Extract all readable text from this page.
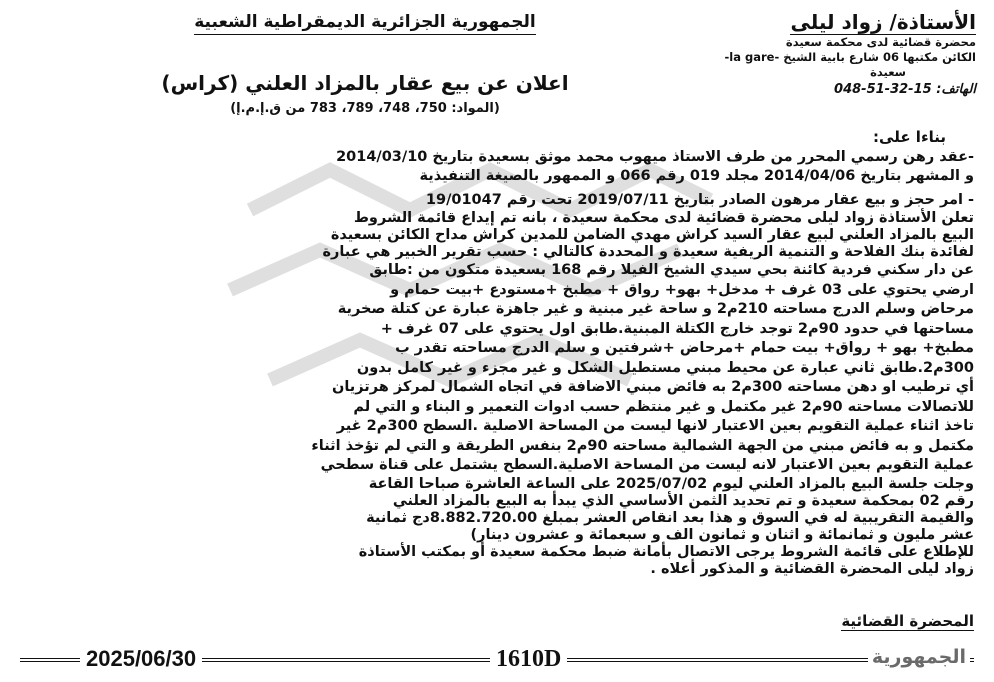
الجمهورية الجزائرية الديمقراطية الشعبية
اعلان عن بيع عقار بالمزاد العلني (كراس)
(المواد: 750، 748، 789، 783 من ق.إ.م.إ)
الأستاذة/ زواد ليلى
محضرة قضائية لدى محكمة سعيدة
الكائن مكتبها 06 شارع بابية الشيخ -la gare-
سعيدة
الهاتف: 15-32-51-048

بناءا على:

-عقد رهن رسمي المحرر من طرف الاستاذ ميهوب محمد موثق بسعيدة بتاريخ 2014/03/10

و المشهر بتاريخ 2014/04/06 مجلد 019 رقم 066 و الممهور بالصيغة التنفيذية

- امر حجز و بيع عقار مرهون الصادر بتاريخ 2019/07/11 تحت رقم 19/01047

تعلن الأستاذة زواد ليلى محضرة قضائية لدى محكمة سعيدة ، بانه تم إيداع قائمة الشروط

البيع بالمزاد العلني لبيع عقار السيد كراش مهدي الضامن للمدين كراش مداح الكائن بسعيدة

لفائدة بنك الفلاحة و التنمية الريفية سعيدة و المحددة كالتالي : حسب تقرير الخبير هي عبارة

عن دار سكني فردية كائنة بحي سيدي الشيخ الفيلا رقم 168 بسعيدة متكون من :طابق

ارضي يحتوي على 03 غرف + مدخل+ بهو+ رواق + مطبخ +مستودع +بيت حمام و

مرحاض وسلم الدرج مساحته 210م2 و ساحة غير مبنية و غير جاهزة عبارة عن كتلة صخرية

مساحتها في حدود 90م2 توجد خارج الكتلة المبنية.طابق اول يحتوي على 07 غرف +

مطبخ+ بهو + رواق+ بيت حمام +مرحاض +شرفتين و سلم الدرج مساحته تقدر ب

300م2.طابق ثاني عبارة عن محيط مبني مستطيل الشكل و غير مجزء و غير كامل بدون

أي ترطيب او دهن مساحته 300م2 به فائض مبني الاضافة في اتجاه الشمال لمركز هرتزيان

للاتصالات مساحته 90م2 غير مكتمل و غير منتظم حسب ادوات التعمير و البناء و التي لم

تاخذ اثناء عملية التقويم بعين الاعتبار لانها ليست من المساحة الاصلية .السطح 300م2 غير

مكتمل و به فائض مبني من الجهة الشمالية مساحته 90م2 بنفس الطريقة و التي لم تؤخذ اثناء

عملية التقويم بعين الاعتبار لانه ليست من المساحة الاصلية.السطح يشتمل على قناة سطحي

وجلت جلسة البيع بالمزاد العلني ليوم 2025/07/02 على الساعة العاشرة صباحا القاعة

رقم 02 بمحكمة سعيدة و تم تحديد الثمن الأساسي الذي يبدأ به البيع بالمزاد العلني

والقيمة التقريبية له في السوق و هذا بعد انقاص العشر بمبلغ 8.882.720.00دج ثمانية

عشر مليون و ثمانمائة و اثنان و ثمانون الف و سبعمائة و عشرون دينار)

للإطلاع على قائمة الشروط يرجى الاتصال بأمانة ضبط محكمة سعيدة أو بمكتب الأستاذة

زواد ليلى المحضرة القضائية و المذكور أعلاه .

المحضرة القضائية
2025/06/30	1610D	الجمهورية
